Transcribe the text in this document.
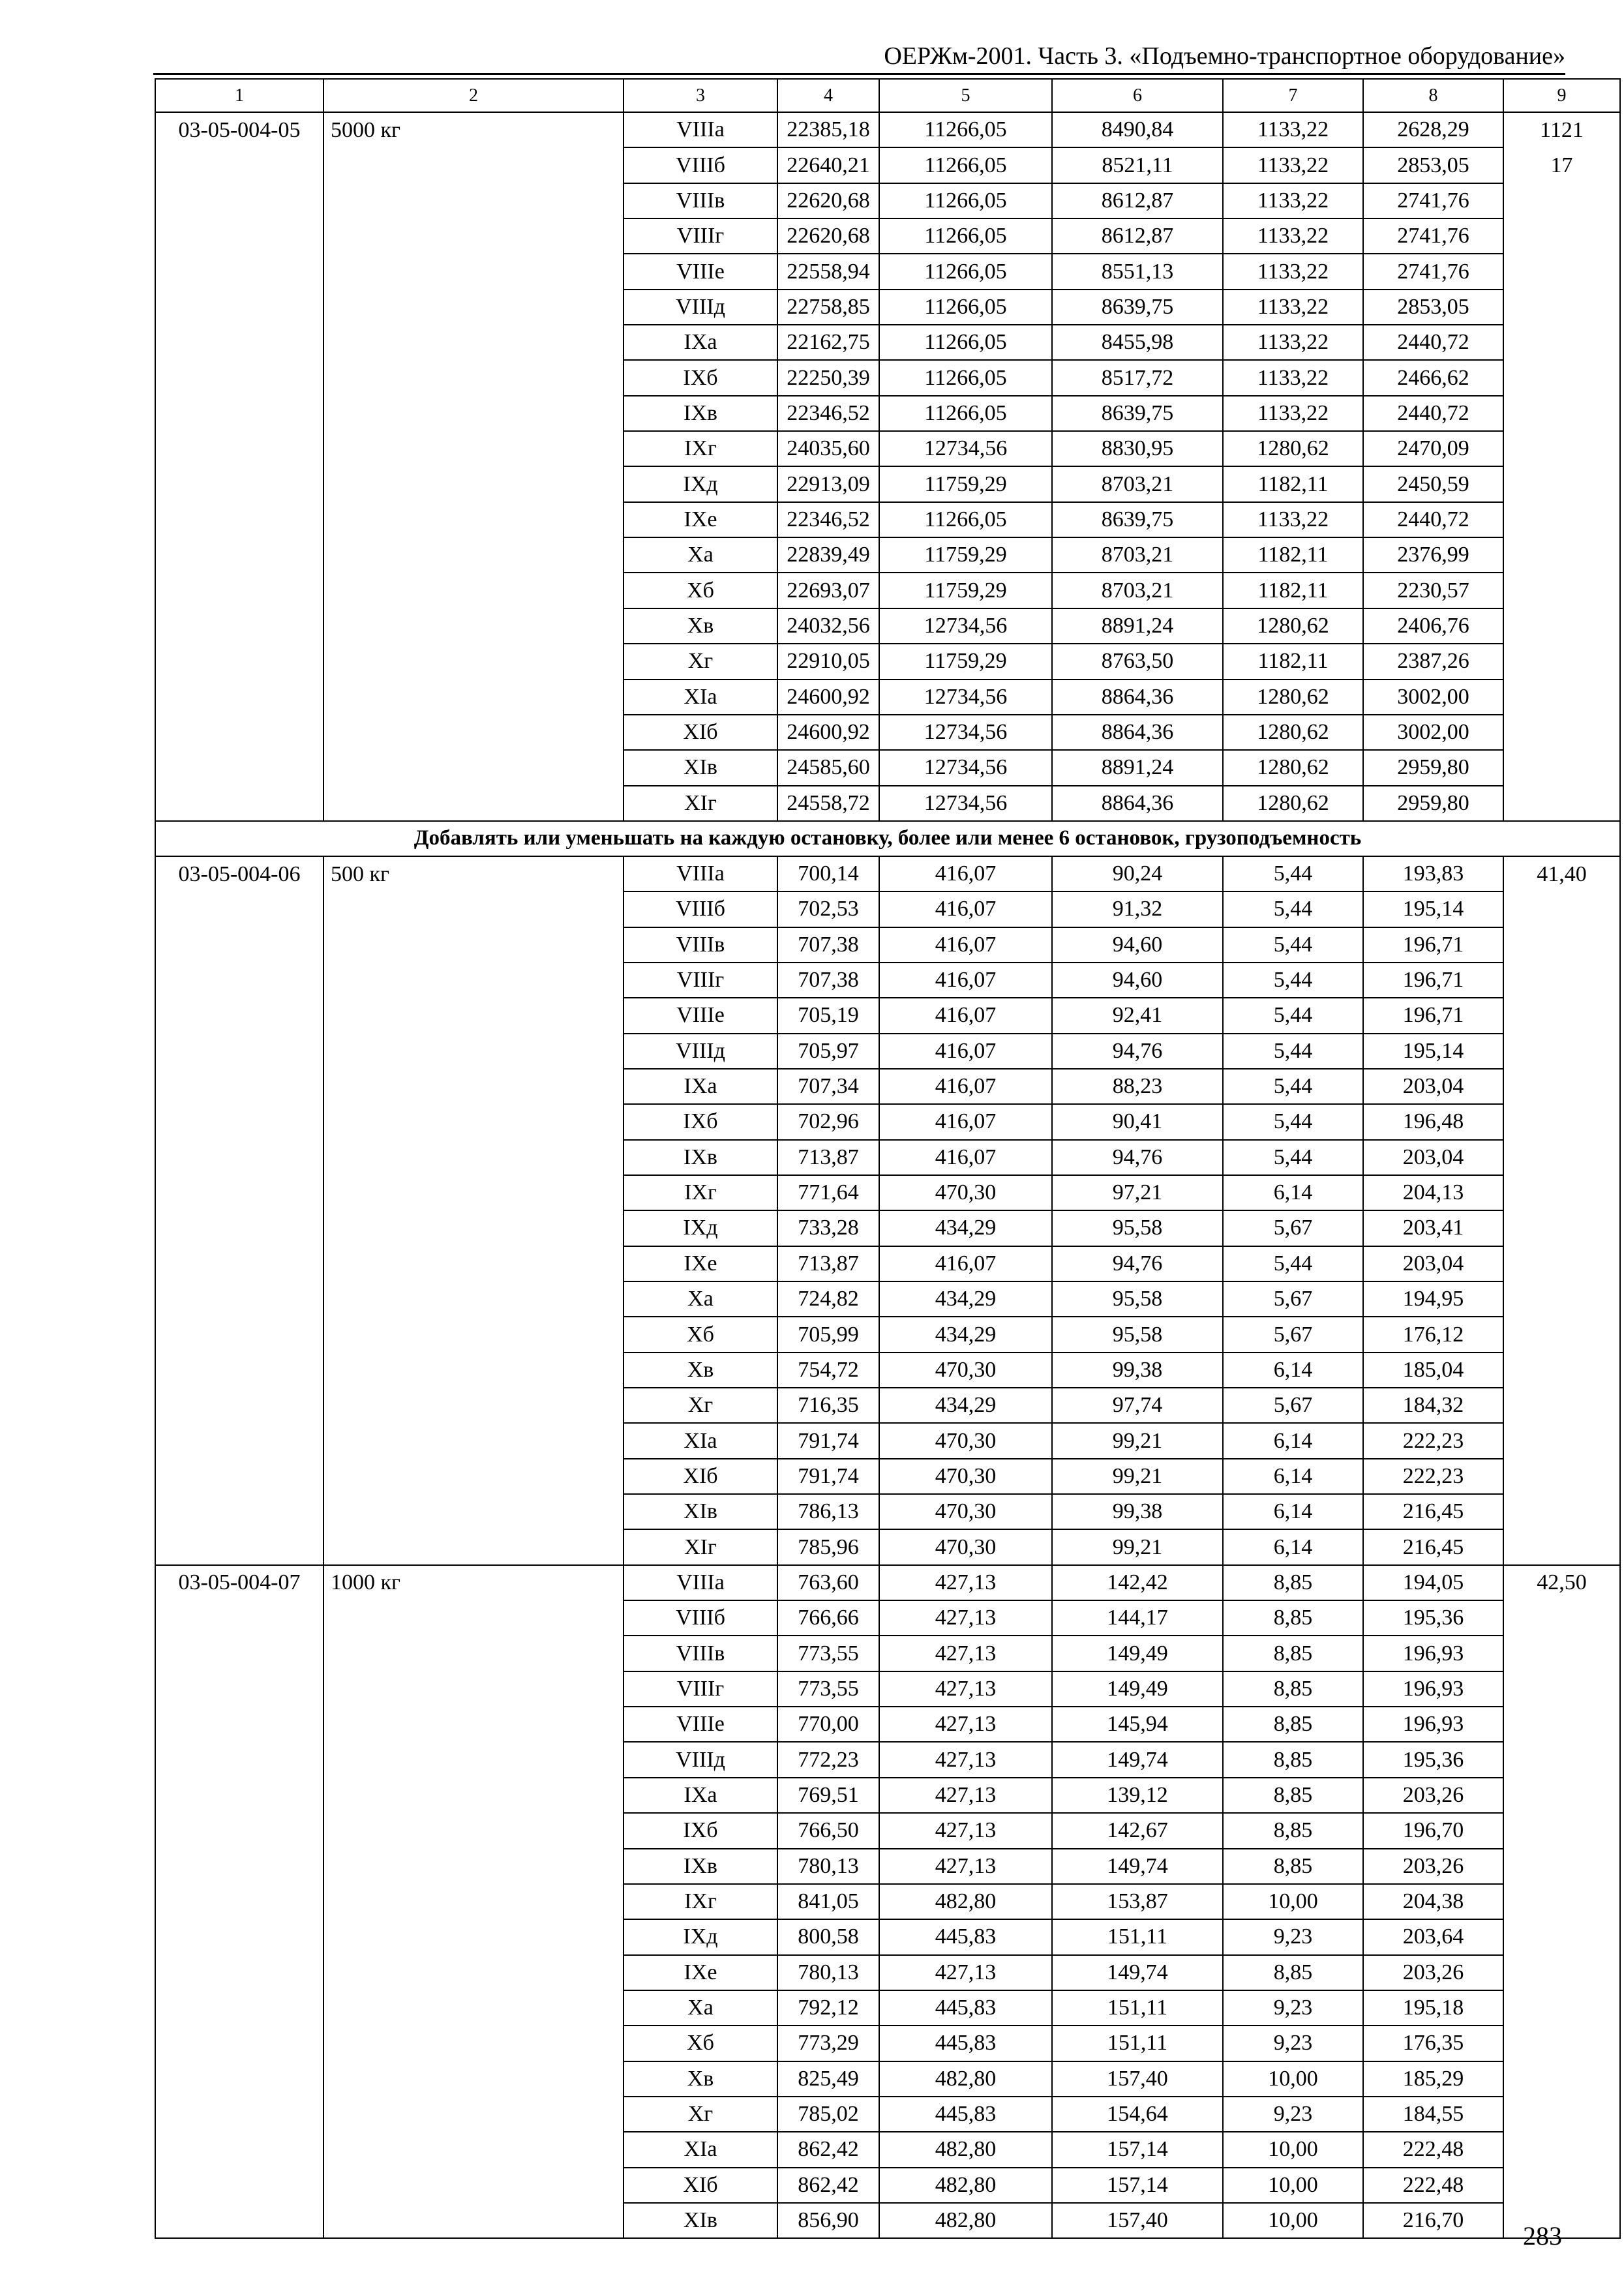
ОЕРЖм-2001. Часть 3. «Подъемно-транспортное оборудование»
1	2	3	4	5	6	7	8	9
03-05-004-05	5000 кг	VIIIа	22385,18	11266,05	8490,84	1133,22	2628,29	1121
		VIIIб	22640,21	11266,05	8521,11	1133,22	2853,05	17
		VIIIв	22620,68	11266,05	8612,87	1133,22	2741,76	
		VIIIг	22620,68	11266,05	8612,87	1133,22	2741,76	
		VIIIе	22558,94	11266,05	8551,13	1133,22	2741,76	
		VIIIд	22758,85	11266,05	8639,75	1133,22	2853,05	
		IXа	22162,75	11266,05	8455,98	1133,22	2440,72	
		IXб	22250,39	11266,05	8517,72	1133,22	2466,62	
		IXв	22346,52	11266,05	8639,75	1133,22	2440,72	
		IXг	24035,60	12734,56	8830,95	1280,62	2470,09	
		IXд	22913,09	11759,29	8703,21	1182,11	2450,59	
		IXе	22346,52	11266,05	8639,75	1133,22	2440,72	
		Xа	22839,49	11759,29	8703,21	1182,11	2376,99	
		Xб	22693,07	11759,29	8703,21	1182,11	2230,57	
		Xв	24032,56	12734,56	8891,24	1280,62	2406,76	
		Xг	22910,05	11759,29	8763,50	1182,11	2387,26	
		XIа	24600,92	12734,56	8864,36	1280,62	3002,00	
		XIб	24600,92	12734,56	8864,36	1280,62	3002,00	
		XIв	24585,60	12734,56	8891,24	1280,62	2959,80	
		XIг	24558,72	12734,56	8864,36	1280,62	2959,80	
Добавлять или уменьшать на каждую остановку, более или менее 6 остановок, грузоподъемность								
03-05-004-06	500 кг	VIIIа	700,14	416,07	90,24	5,44	193,83	41,40
		VIIIб	702,53	416,07	91,32	5,44	195,14	
		VIIIв	707,38	416,07	94,60	5,44	196,71	
		VIIIг	707,38	416,07	94,60	5,44	196,71	
		VIIIе	705,19	416,07	92,41	5,44	196,71	
		VIIIд	705,97	416,07	94,76	5,44	195,14	
		IXа	707,34	416,07	88,23	5,44	203,04	
		IXб	702,96	416,07	90,41	5,44	196,48	
		IXв	713,87	416,07	94,76	5,44	203,04	
		IXг	771,64	470,30	97,21	6,14	204,13	
		IXд	733,28	434,29	95,58	5,67	203,41	
		IXе	713,87	416,07	94,76	5,44	203,04	
		Xа	724,82	434,29	95,58	5,67	194,95	
		Xб	705,99	434,29	95,58	5,67	176,12	
		Xв	754,72	470,30	99,38	6,14	185,04	
		Xг	716,35	434,29	97,74	5,67	184,32	
		XIа	791,74	470,30	99,21	6,14	222,23	
		XIб	791,74	470,30	99,21	6,14	222,23	
		XIв	786,13	470,30	99,38	6,14	216,45	
		XIг	785,96	470,30	99,21	6,14	216,45	
03-05-004-07	1000 кг	VIIIа	763,60	427,13	142,42	8,85	194,05	42,50
		VIIIб	766,66	427,13	144,17	8,85	195,36	
		VIIIв	773,55	427,13	149,49	8,85	196,93	
		VIIIг	773,55	427,13	149,49	8,85	196,93	
		VIIIе	770,00	427,13	145,94	8,85	196,93	
		VIIIд	772,23	427,13	149,74	8,85	195,36	
		IXа	769,51	427,13	139,12	8,85	203,26	
		IXб	766,50	427,13	142,67	8,85	196,70	
		IXв	780,13	427,13	149,74	8,85	203,26	
		IXг	841,05	482,80	153,87	10,00	204,38	
		IXд	800,58	445,83	151,11	9,23	203,64	
		IXе	780,13	427,13	149,74	8,85	203,26	
		Xа	792,12	445,83	151,11	9,23	195,18	
		Xб	773,29	445,83	151,11	9,23	176,35	
		Xв	825,49	482,80	157,40	10,00	185,29	
		Xг	785,02	445,83	154,64	9,23	184,55	
		XIа	862,42	482,80	157,14	10,00	222,48	
		XIб	862,42	482,80	157,14	10,00	222,48	
		XIв	856,90	482,80	157,40	10,00	216,70	
283
